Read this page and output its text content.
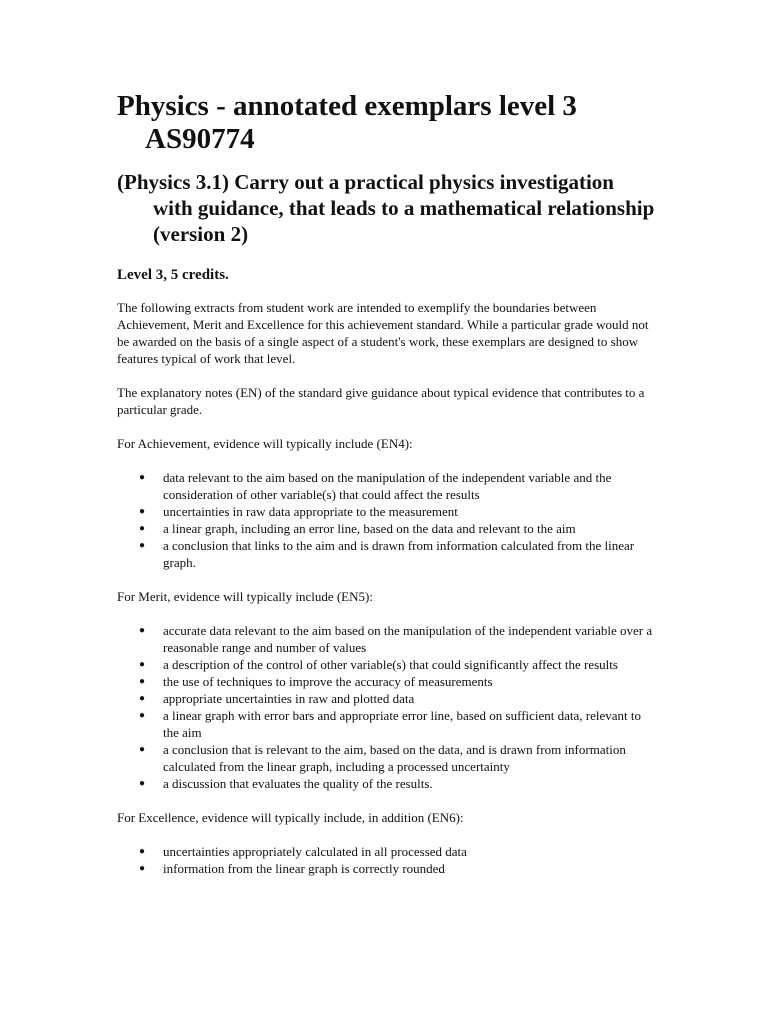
Physics - annotated exemplars level 3 AS90774
(Physics 3.1) Carry out a practical physics investigation with guidance, that leads to a mathematical relationship (version 2)
Level 3, 5 credits.

The following extracts from student work are intended to exemplify the boundaries between Achievement, Merit and Excellence for this achievement standard. While a particular grade would not be awarded on the basis of a single aspect of a student's work, these exemplars are designed to show features typical of work that level.

The explanatory notes (EN) of the standard give guidance about typical evidence that contributes to a particular grade.

For Achievement, evidence will typically include (EN4):

● data relevant to the aim based on the manipulation of the independent variable and the consideration of other variable(s) that could affect the results
● uncertainties in raw data appropriate to the measurement
● a linear graph, including an error line, based on the data and relevant to the aim
● a conclusion that links to the aim and is drawn from information calculated from the linear graph.

For Merit, evidence will typically include (EN5):

● accurate data relevant to the aim based on the manipulation of the independent variable over a reasonable range and number of values
● a description of the control of other variable(s) that could significantly affect the results
● the use of techniques to improve the accuracy of measurements
● appropriate uncertainties in raw and plotted data
● a linear graph with error bars and appropriate error line, based on sufficient data, relevant to the aim
● a conclusion that is relevant to the aim, based on the data, and is drawn from information calculated from the linear graph, including a processed uncertainty
● a discussion that evaluates the quality of the results.

For Excellence, evidence will typically include, in addition (EN6):

● uncertainties appropriately calculated in all processed data
● information from the linear graph is correctly rounded
